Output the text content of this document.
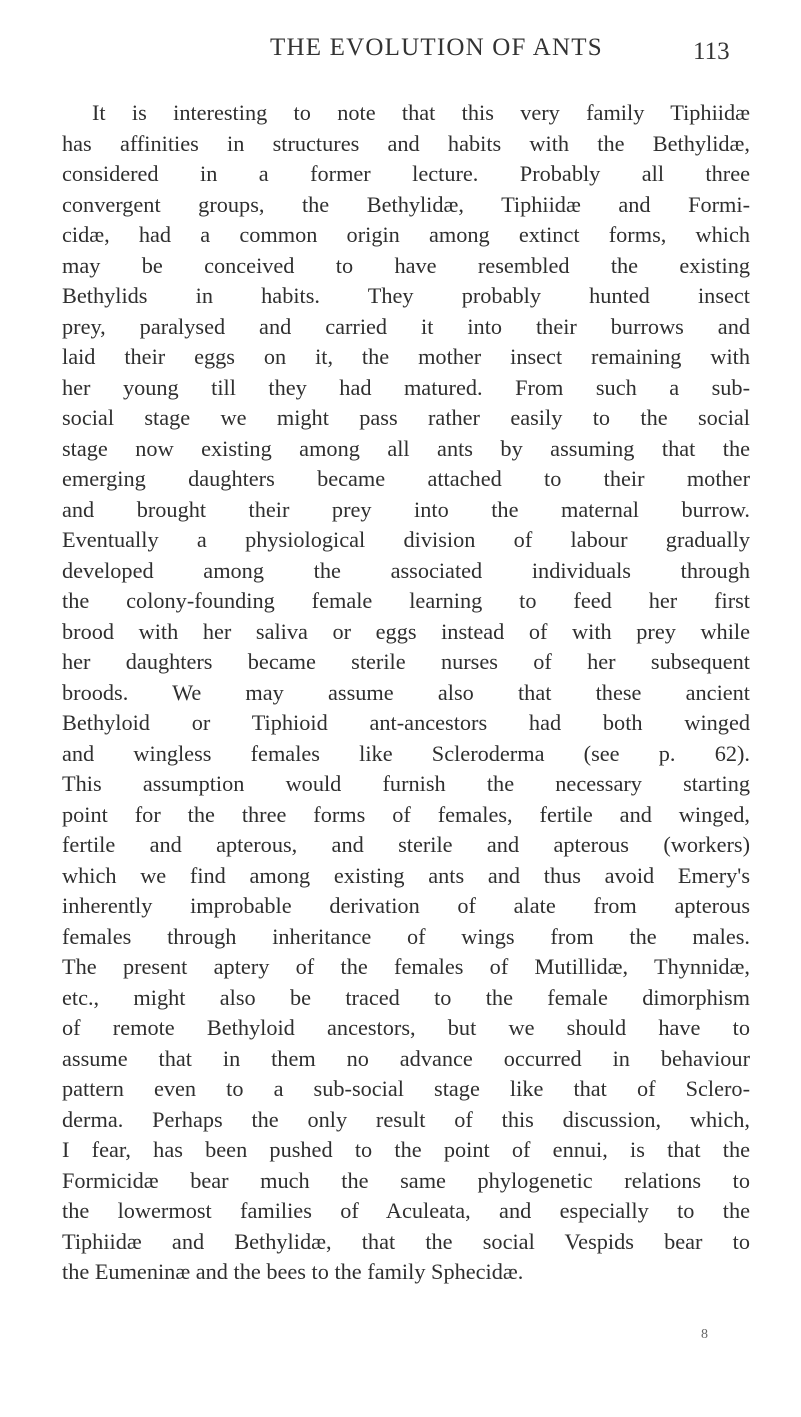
THE EVOLUTION OF ANTS	113
It is interesting to note that this very family Tiphiidæ
has affinities in structures and habits with the Bethylidæ,
considered in a former lecture. Probably all three
convergent groups, the Bethylidæ, Tiphiidæ and Formi-
cidæ, had a common origin among extinct forms, which
may be conceived to have resembled the existing
Bethylids in habits. They probably hunted insect
prey, paralysed and carried it into their burrows and
laid their eggs on it, the mother insect remaining with
her young till they had matured. From such a sub-
social stage we might pass rather easily to the social
stage now existing among all ants by assuming that the
emerging daughters became attached to their mother
and brought their prey into the maternal burrow.
Eventually a physiological division of labour gradually
developed among the associated individuals through
the colony-founding female learning to feed her first
brood with her saliva or eggs instead of with prey while
her daughters became sterile nurses of her subsequent
broods. We may assume also that these ancient
Bethyloid or Tiphioid ant-ancestors had both winged
and wingless females like Scleroderma (see p. 62).
This assumption would furnish the necessary starting
point for the three forms of females, fertile and winged,
fertile and apterous, and sterile and apterous (workers)
which we find among existing ants and thus avoid Emery's
inherently improbable derivation of alate from apterous
females through inheritance of wings from the males.
The present aptery of the females of Mutillidæ, Thynnidæ,
etc., might also be traced to the female dimorphism
of remote Bethyloid ancestors, but we should have to
assume that in them no advance occurred in behaviour
pattern even to a sub-social stage like that of Sclero-
derma. Perhaps the only result of this discussion, which,
I fear, has been pushed to the point of ennui, is that the
Formicidæ bear much the same phylogenetic relations to
the lowermost families of Aculeata, and especially to the
Tiphiidæ and Bethylidæ, that the social Vespids bear to
the Eumeninæ and the bees to the family Sphecidæ.
8
